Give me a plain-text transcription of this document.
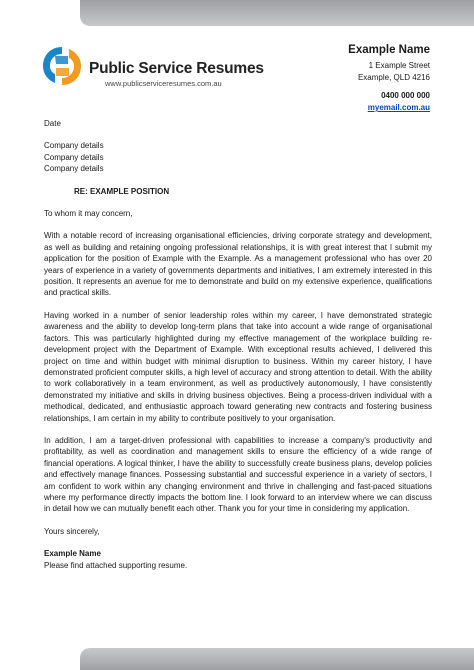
Public Service Resumes
www.publicserviceresumes.com.au
Example Name
1 Example Street
Example, QLD 4216
0400 000 000
myemail.com.au

Date

Company details

Company details

Company details

RE: EXAMPLE POSITION

To whom it may concern,

With a notable record of increasing organisational efficiencies, driving corporate strategy and development, as well as building and retaining ongoing professional relationships, it is with great interest that I submit my application for the position of Example with the Example. As a management professional who has over 20 years of experience in a variety of governments departments and initiatives, I am extremely interested in this position. It represents an avenue for me to demonstrate and build on my extensive experience, qualifications and practical skills.

Having worked in a number of senior leadership roles within my career, I have demonstrated strategic awareness and the ability to develop long-term plans that take into account a wide range of organisational factors. This was particularly highlighted during my effective management of the workplace building re-development project with the Department of Example. With exceptional results achieved, I delivered this project on time and within budget with minimal disruption to business. Within my career history, I have demonstrated proficient computer skills, a high level of accuracy and strong attention to detail. With the ability to work collaboratively in a team environment, as well as productively autonomously, I have consistently demonstrated my initiative and skills in driving business objectives. Being a process-driven individual with a methodical, dedicated, and enthusiastic approach toward generating new contracts and fostering business relationships, I am certain in my ability to contribute positively to your organisation.

In addition, I am a target-driven professional with capabilities to increase a company's productivity and profitability, as well as coordination and management skills to ensure the efficiency of a wide range of financial operations. A logical thinker, I have the ability to successfully create business plans, develop policies and effectively manage finances. Possessing substantial and successful experience in a variety of sectors, I am confident to work within any changing environment and thrive in challenging and fast-paced situations where my performance directly impacts the bottom line. I look forward to an interview where we can discuss in detail how we can mutually benefit each other. Thank you for your time in considering my application.

Yours sincerely,

Example Name

Please find attached supporting resume.
